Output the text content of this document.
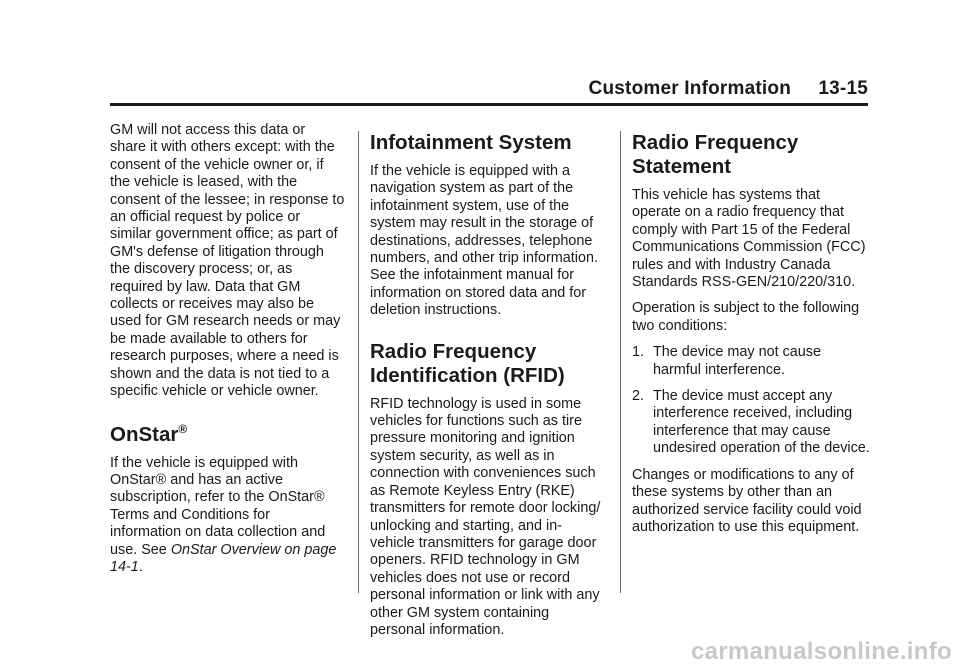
Customer Information     13-15

GM will not access this data or share it with others except: with the consent of the vehicle owner or, if the vehicle is leased, with the consent of the lessee; in response to an official request by police or similar government office; as part of GM's defense of litigation through the discovery process; or, as required by law. Data that GM collects or receives may also be used for GM research needs or may be made available to others for research purposes, where a need is shown and the data is not tied to a specific vehicle or vehicle owner.

OnStar®

If the vehicle is equipped with OnStar® and has an active subscription, refer to the OnStar® Terms and Conditions for information on data collection and use. See OnStar Overview on page 14-1.

Infotainment System

If the vehicle is equipped with a navigation system as part of the infotainment system, use of the system may result in the storage of destinations, addresses, telephone numbers, and other trip information. See the infotainment manual for information on stored data and for deletion instructions.

Radio Frequency Identification (RFID)

RFID technology is used in some vehicles for functions such as tire pressure monitoring and ignition system security, as well as in connection with conveniences such as Remote Keyless Entry (RKE) transmitters for remote door locking/ unlocking and starting, and in-vehicle transmitters for garage door openers. RFID technology in GM vehicles does not use or record personal information or link with any other GM system containing personal information.

Radio Frequency Statement

This vehicle has systems that operate on a radio frequency that comply with Part 15 of the Federal Communications Commission (FCC) rules and with Industry Canada Standards RSS-GEN/210/220/310.

Operation is subject to the following two conditions:

1. The device may not cause harmful interference.
2. The device must accept any interference received, including interference that may cause undesired operation of the device.

Changes or modifications to any of these systems by other than an authorized service facility could void authorization to use this equipment.

carmanualsonline.info
